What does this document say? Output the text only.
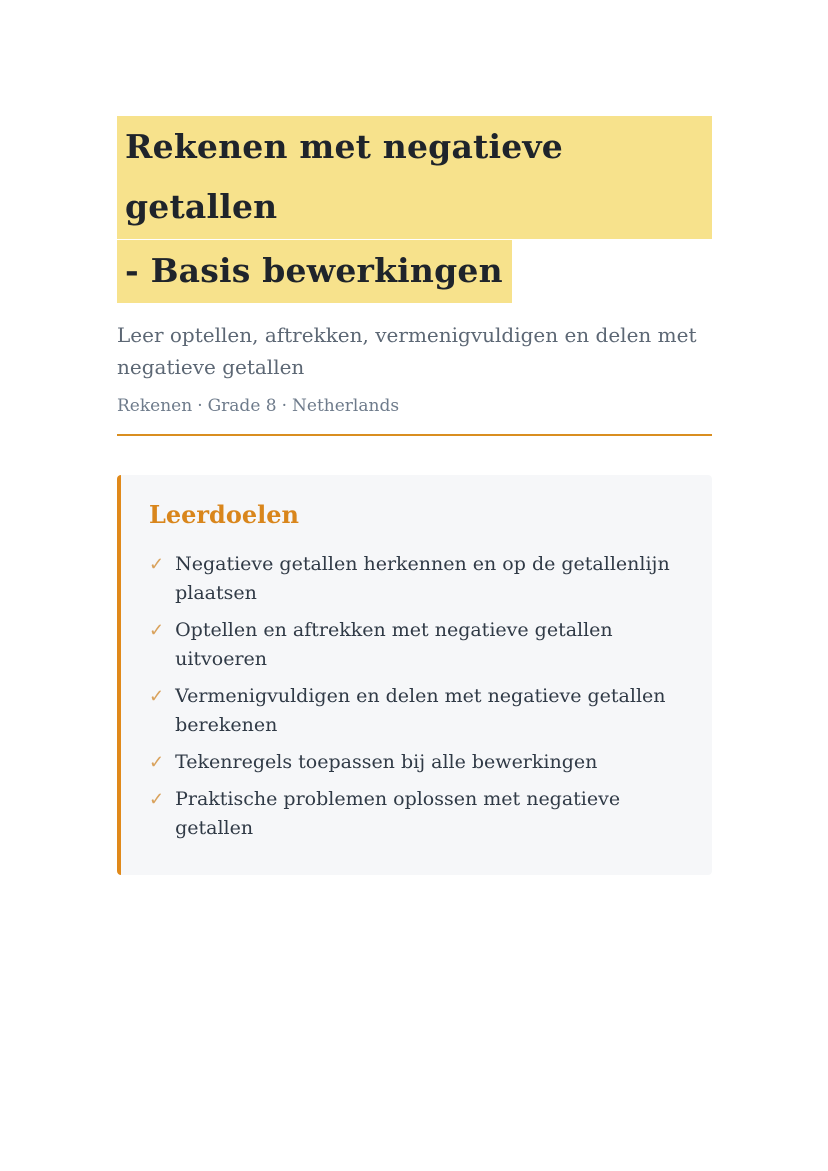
Rekenen met negatieve getallen
- Basis bewerkingen
Leer optellen, aftrekken, vermenigvuldigen en delen met negatieve getallen
Rekenen · Grade 8 · Netherlands
Leerdoelen
✓ Negatieve getallen herkennen en op de getallenlijn plaatsen
✓ Optellen en aftrekken met negatieve getallen uitvoeren
✓ Vermenigvuldigen en delen met negatieve getallen berekenen
✓ Tekenregels toepassen bij alle bewerkingen
✓ Praktische problemen oplossen met negatieve getallen
